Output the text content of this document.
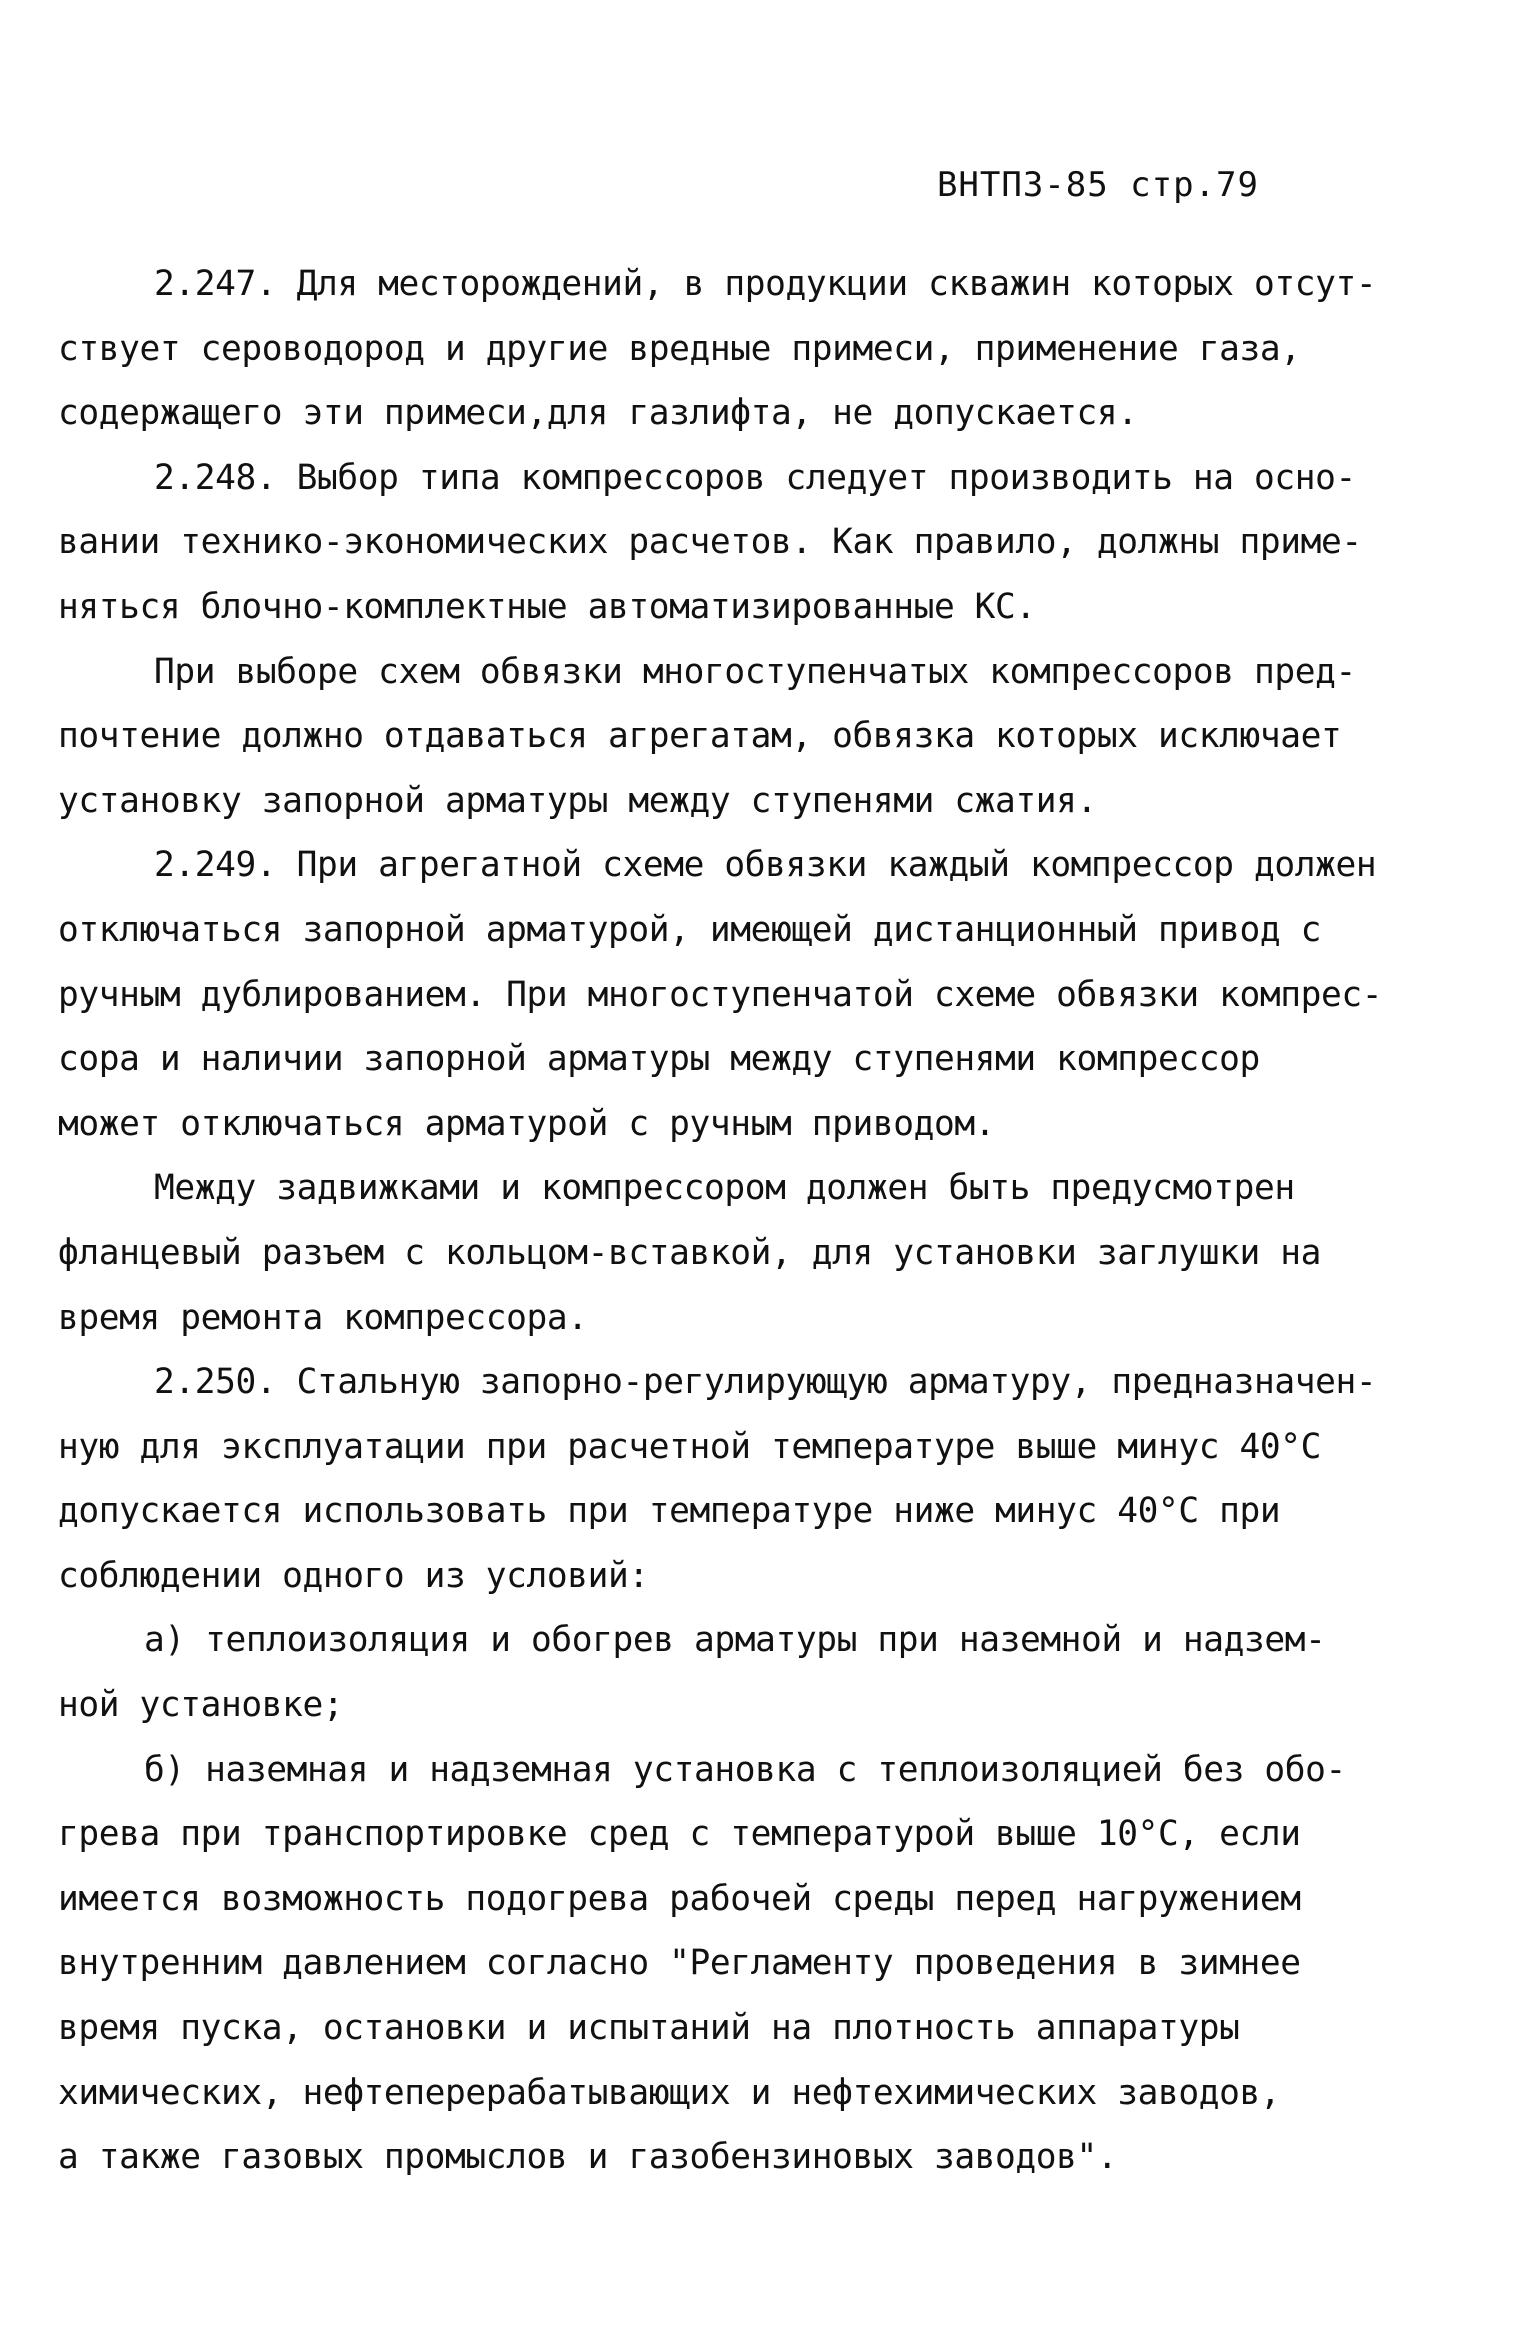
ВНТП3-85 стр.79
2.247. Для месторождений, в продукции скважин которых отсут-
ствует сероводород и другие вредные примеси, применение газа,
содержащего эти примеси,для газлифта, не допускается.
2.248. Выбор типа компрессоров следует производить на осно-
вании технико-экономических расчетов. Как правило, должны приме-
няться блочно-комплектные автоматизированные КС.
При выборе схем обвязки многоступенчатых компрессоров пред-
почтение должно отдаваться агрегатам, обвязка которых исключает
установку запорной арматуры между ступенями сжатия.
2.249. При агрегатной схеме обвязки каждый компрессор должен
отключаться запорной арматурой, имеющей дистанционный привод с
ручным дублированием. При многоступенчатой схеме обвязки компрес-
сора и наличии запорной арматуры между ступенями компрессор
может отключаться арматурой с ручным приводом.
Между задвижками и компрессором должен быть предусмотрен
фланцевый разъем с кольцом-вставкой, для установки заглушки на
время ремонта компрессора.
2.250. Стальную запорно-регулирующую арматуру, предназначен-
ную для эксплуатации при расчетной температуре выше минус 40°С
допускается использовать при температуре ниже минус 40°С при
соблюдении одного из условий:
а) теплоизоляция и обогрев арматуры при наземной и надзем-
ной установке;
б) наземная и надземная установка с теплоизоляцией без обо-
грева при транспортировке сред с температурой выше 10°С, если
имеется возможность подогрева рабочей среды перед нагружением
внутренним давлением согласно "Регламенту проведения в зимнее
время пуска, остановки и испытаний на плотность аппаратуры
химических, нефтеперерабатывающих и нефтехимических заводов,
а также газовых промыслов и газобензиновых заводов".
